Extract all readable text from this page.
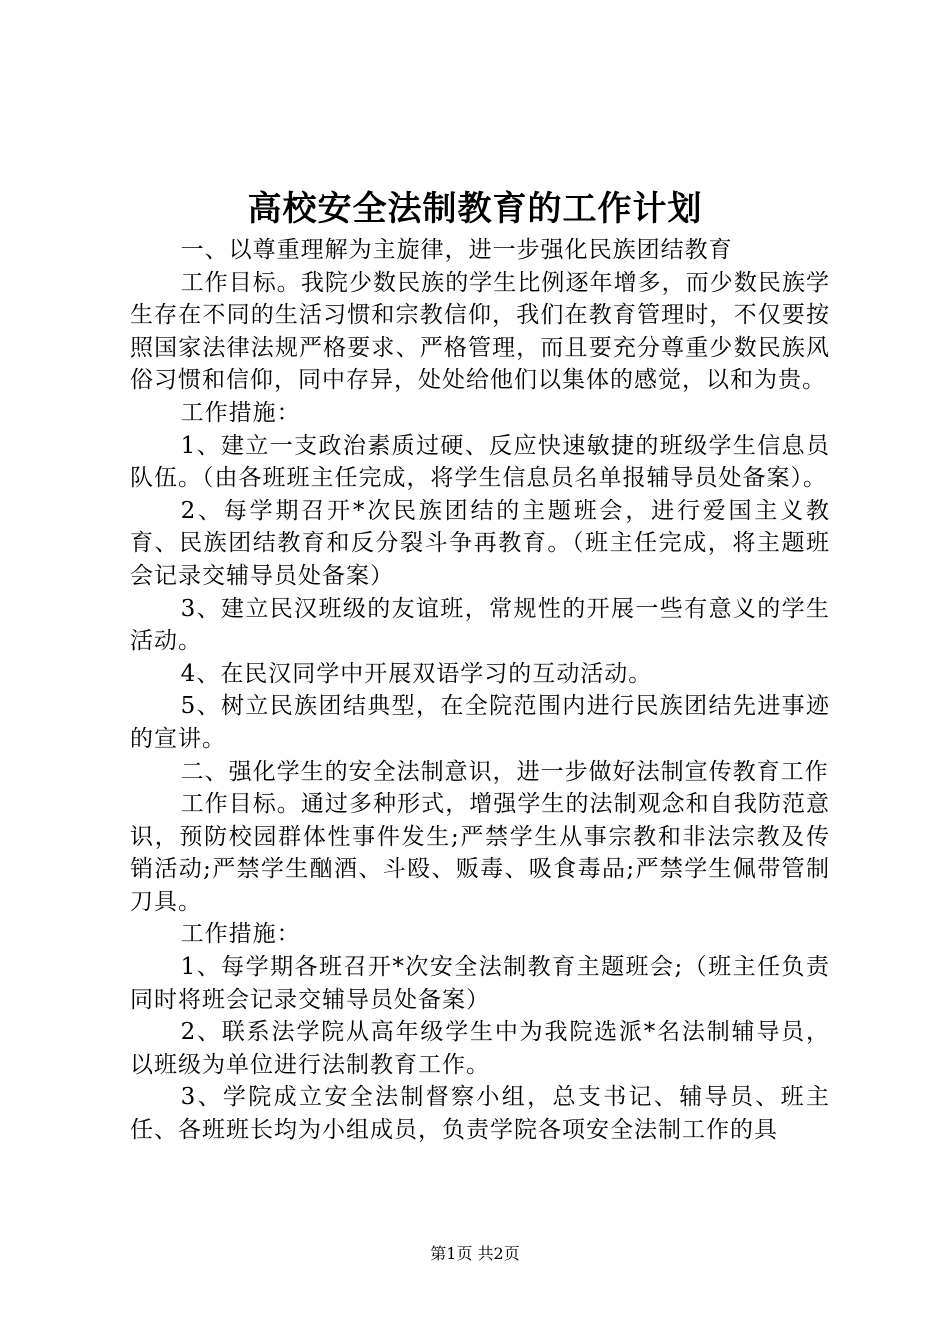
高校安全法制教育的工作计划

一、以尊重理解为主旋律，进一步强化民族团结教育

工作目标。我院少数民族的学生比例逐年增多，而少数民族学生存在不同的生活习惯和宗教信仰，我们在教育管理时，不仅要按照国家法律法规严格要求、严格管理，而且要充分尊重少数民族风俗习惯和信仰，同中存异，处处给他们以集体的感觉，以和为贵。

工作措施：

1、建立一支政治素质过硬、反应快速敏捷的班级学生信息员队伍。（由各班班主任完成，将学生信息员名单报辅导员处备案）。

2、每学期召开*次民族团结的主题班会，进行爱国主义教育、民族团结教育和反分裂斗争再教育。（班主任完成，将主题班会记录交辅导员处备案）

3、建立民汉班级的友谊班，常规性的开展一些有意义的学生活动。

4、在民汉同学中开展双语学习的互动活动。

5、树立民族团结典型，在全院范围内进行民族团结先进事迹的宣讲。

二、强化学生的安全法制意识，进一步做好法制宣传教育工作

工作目标。通过多种形式，增强学生的法制观念和自我防范意识，预防校园群体性事件发生;严禁学生从事宗教和非法宗教及传销活动;严禁学生酗酒、斗殴、贩毒、吸食毒品;严禁学生佩带管制刀具。

工作措施：

1、每学期各班召开*次安全法制教育主题班会;（班主任负责同时将班会记录交辅导员处备案）

2、联系法学院从高年级学生中为我院选派*名法制辅导员，以班级为单位进行法制教育工作。

3、学院成立安全法制督察小组，总支书记、辅导员、班主任、各班班长均为小组成员，负责学院各项安全法制工作的具

第1页 共2页
